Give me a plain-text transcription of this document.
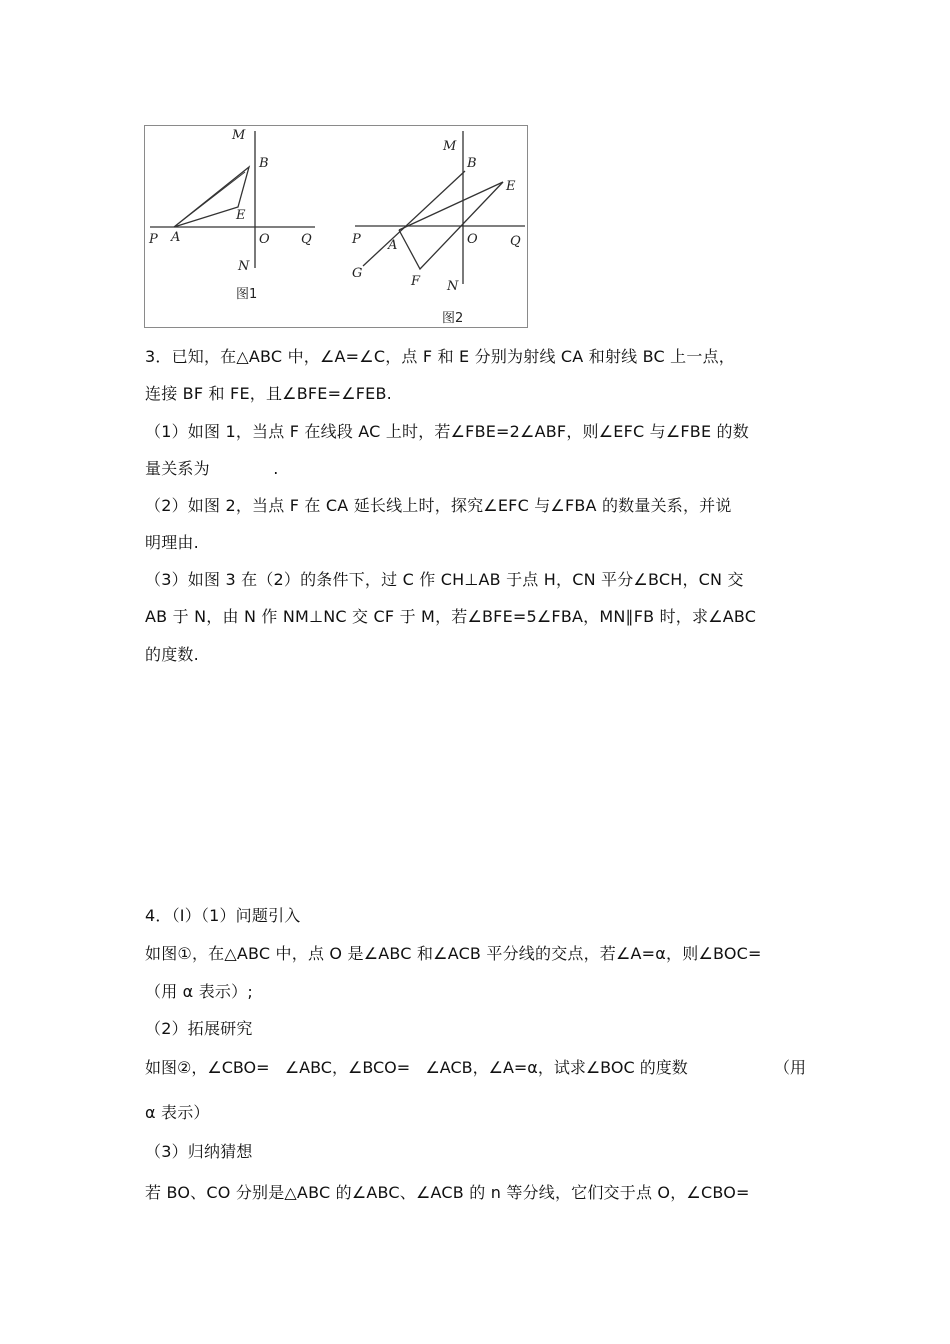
M
B
E
P A	O Q
N
图1
M
B
E
P A	O Q
G
F N
图2
3．已知，在△ABC 中，∠A=∠C，点 F 和 E 分别为射线 CA 和射线 BC 上一点，
连接 BF 和 FE，且∠BFE=∠FEB.
（1）如图 1，当点 F 在线段 AC 上时，若∠FBE=2∠ABF，则∠EFC 与∠FBE 的数
量关系为            .
（2）如图 2，当点 F 在 CA 延长线上时，探究∠EFC 与∠FBA 的数量关系，并说
明理由.
（3）如图 3 在（2）的条件下，过 C 作 CH⊥AB 于点 H，CN 平分∠BCH，CN 交
AB 于 N，由 N 作 NM⊥NC 交 CF 于 M，若∠BFE=5∠FBA，MN∥FB 时，求∠ABC
的度数.
4．（Ⅰ）（1）问题引入
如图①，在△ABC 中，点 O 是∠ABC 和∠ACB 平分线的交点，若∠A=α，则∠BOC=
（用 α 表示）;
（2）拓展研究
如图②，∠CBO=   ∠ABC，∠BCO=   ∠ACB，∠A=α，试求∠BOC 的度数	（用
α 表示）
（3）归纳猜想
若 BO、CO 分别是△ABC 的∠ABC、∠ACB 的 n 等分线，它们交于点 O，∠CBO=
